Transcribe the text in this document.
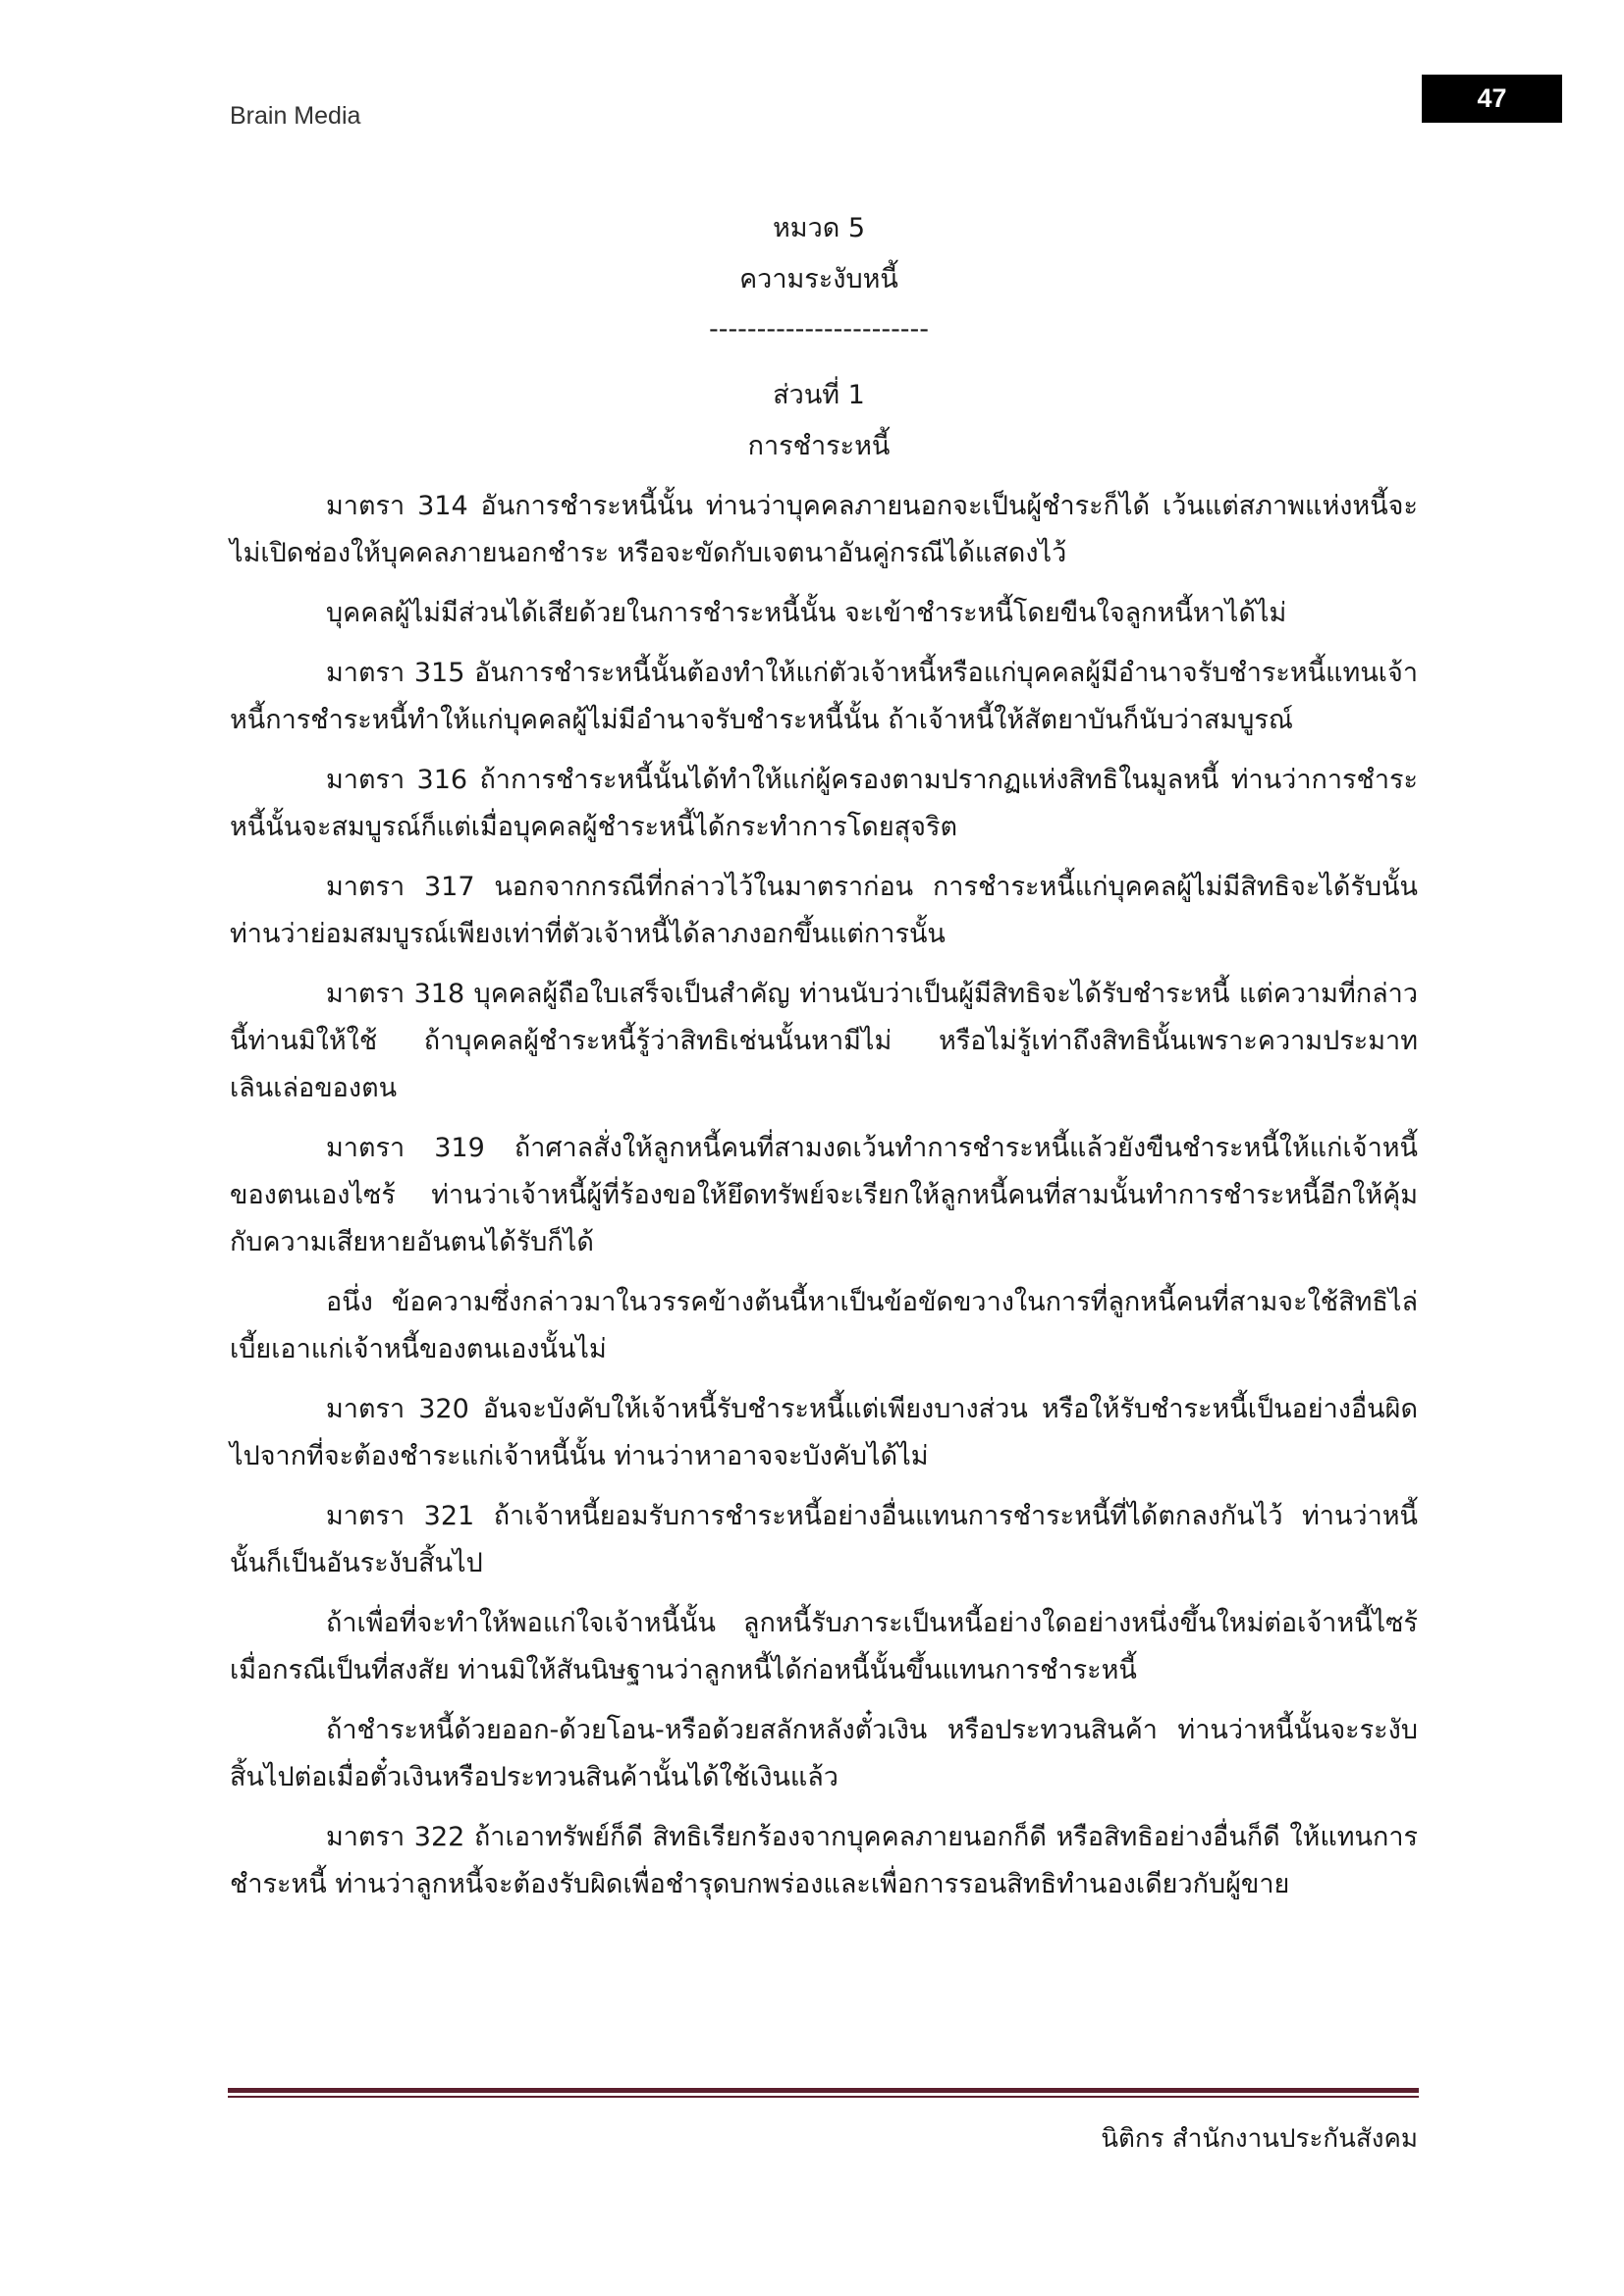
Brain Media
47
หมวด 5
ความระงับหนี้
-----------------------
ส่วนที่ 1
การชำระหนี้

มาตรา 314 อันการชำระหนี้นั้น ท่านว่าบุคคลภายนอกจะเป็นผู้ชำระก็ได้ เว้นแต่สภาพแห่งหนี้จะไม่เปิดช่องให้บุคคลภายนอกชำระ หรือจะขัดกับเจตนาอันคู่กรณีได้แสดงไว้

บุคคลผู้ไม่มีส่วนได้เสียด้วยในการชำระหนี้นั้น จะเข้าชำระหนี้โดยขืนใจลูกหนี้หาได้ไม่

มาตรา 315 อันการชำระหนี้นั้นต้องทำให้แก่ตัวเจ้าหนี้หรือแก่บุคคลผู้มีอำนาจรับชำระหนี้แทนเจ้าหนี้การชำระหนี้ทำให้แก่บุคคลผู้ไม่มีอำนาจรับชำระหนี้นั้น ถ้าเจ้าหนี้ให้สัตยาบันก็นับว่าสมบูรณ์

มาตรา 316 ถ้าการชำระหนี้นั้นได้ทำให้แก่ผู้ครองตามปรากฏแห่งสิทธิในมูลหนี้ ท่านว่าการชำระหนี้นั้นจะสมบูรณ์ก็แต่เมื่อบุคคลผู้ชำระหนี้ได้กระทำการโดยสุจริต

มาตรา 317 นอกจากกรณีที่กล่าวไว้ในมาตราก่อน การชำระหนี้แก่บุคคลผู้ไม่มีสิทธิจะได้รับนั้นท่านว่าย่อมสมบูรณ์เพียงเท่าที่ตัวเจ้าหนี้ได้ลาภงอกขึ้นแต่การนั้น

มาตรา 318 บุคคลผู้ถือใบเสร็จเป็นสำคัญ ท่านนับว่าเป็นผู้มีสิทธิจะได้รับชำระหนี้ แต่ความที่กล่าวนี้ท่านมิให้ใช้ ถ้าบุคคลผู้ชำระหนี้รู้ว่าสิทธิเช่นนั้นหามีไม่ หรือไม่รู้เท่าถึงสิทธินั้นเพราะความประมาทเลินเล่อของตน

มาตรา 319 ถ้าศาลสั่งให้ลูกหนี้คนที่สามงดเว้นทำการชำระหนี้แล้วยังขืนชำระหนี้ให้แก่เจ้าหนี้ของตนเองไซร้ ท่านว่าเจ้าหนี้ผู้ที่ร้องขอให้ยึดทรัพย์จะเรียกให้ลูกหนี้คนที่สามนั้นทำการชำระหนี้อีกให้คุ้มกับความเสียหายอันตนได้รับก็ได้

อนึ่ง ข้อความซึ่งกล่าวมาในวรรคข้างต้นนี้หาเป็นข้อขัดขวางในการที่ลูกหนี้คนที่สามจะใช้สิทธิไล่เบี้ยเอาแก่เจ้าหนี้ของตนเองนั้นไม่

มาตรา 320 อันจะบังคับให้เจ้าหนี้รับชำระหนี้แต่เพียงบางส่วน หรือให้รับชำระหนี้เป็นอย่างอื่นผิดไปจากที่จะต้องชำระแก่เจ้าหนี้นั้น ท่านว่าหาอาจจะบังคับได้ไม่

มาตรา 321 ถ้าเจ้าหนี้ยอมรับการชำระหนี้อย่างอื่นแทนการชำระหนี้ที่ได้ตกลงกันไว้ ท่านว่าหนี้นั้นก็เป็นอันระงับสิ้นไป

ถ้าเพื่อที่จะทำให้พอแก่ใจเจ้าหนี้นั้น ลูกหนี้รับภาระเป็นหนี้อย่างใดอย่างหนึ่งขึ้นใหม่ต่อเจ้าหนี้ไซร้ เมื่อกรณีเป็นที่สงสัย ท่านมิให้สันนิษฐานว่าลูกหนี้ได้ก่อหนี้นั้นขึ้นแทนการชำระหนี้

ถ้าชำระหนี้ด้วยออก-ด้วยโอน-หรือด้วยสลักหลังตั๋วเงิน หรือประทวนสินค้า ท่านว่าหนี้นั้นจะระงับสิ้นไปต่อเมื่อตั๋วเงินหรือประทวนสินค้านั้นได้ใช้เงินแล้ว

มาตรา 322 ถ้าเอาทรัพย์ก็ดี สิทธิเรียกร้องจากบุคคลภายนอกก็ดี หรือสิทธิอย่างอื่นก็ดี ให้แทนการชำระหนี้ ท่านว่าลูกหนี้จะต้องรับผิดเพื่อชำรุดบกพร่องและเพื่อการรอนสิทธิทำนองเดียวกับผู้ขาย

นิติกร สำนักงานประกันสังคม
